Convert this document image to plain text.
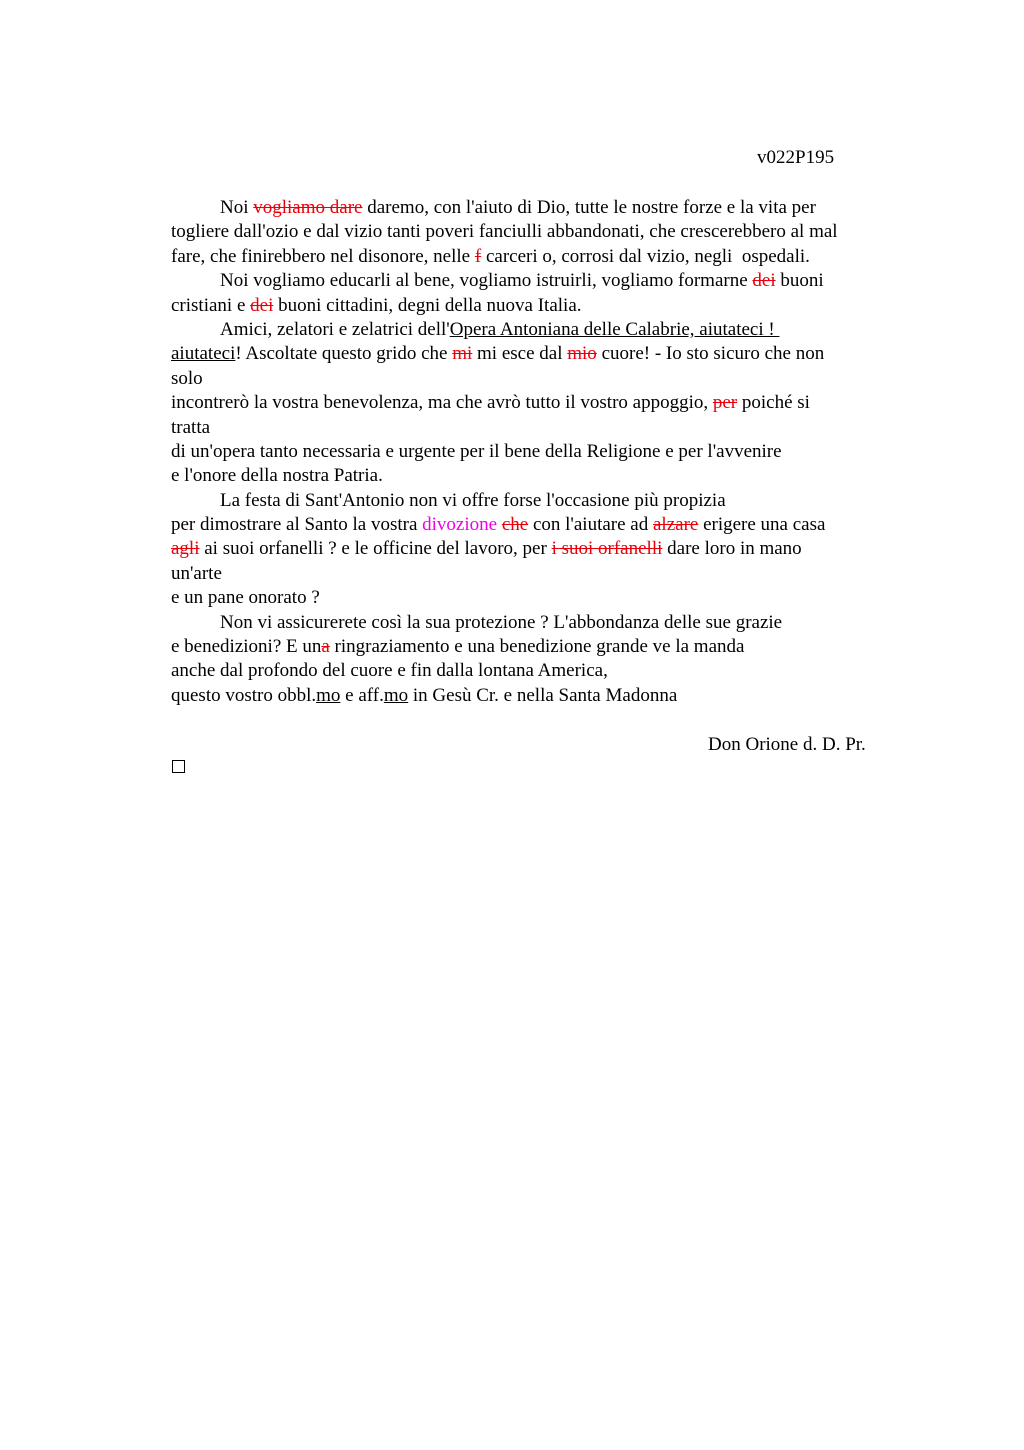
v022P195
Noi vogliamo dare daremo, con l'aiuto di Dio, tutte le nostre forze e la vita per
togliere dall'ozio e dal vizio tanti poveri fanciulli abbandonati, che crescerebbero al mal
fare, che finirebbero nel disonore, nelle f carceri o, corrosi dal vizio, negli  ospedali.
Noi vogliamo educarli al bene, vogliamo istruirli, vogliamo formarne dei buoni
cristiani e dei buoni cittadini, degni della nuova Italia.
Amici, zelatori e zelatrici dell'Opera Antoniana delle Calabrie, aiutateci !
aiutateci! Ascoltate questo grido che mi mi esce dal mio cuore! - Io sto sicuro che non
solo
incontrerò la vostra benevolenza, ma che avrò tutto il vostro appoggio, per poiché si
tratta
di un'opera tanto necessaria e urgente per il bene della Religione e per l'avvenire
e l'onore della nostra Patria.
La festa di Sant'Antonio non vi offre forse l'occasione più propizia
per dimostrare al Santo la vostra divozione che con l'aiutare ad alzare erigere una casa
agli ai suoi orfanelli ? e le officine del lavoro, per i suoi orfanelli dare loro in mano
un'arte
e un pane onorato ?
Non vi assicurerete così la sua protezione ? L'abbondanza delle sue grazie
e benedizioni? E una ringraziamento e una benedizione grande ve la manda
anche dal profondo del cuore e fin dalla lontana America,
questo vostro obbl.mo e aff.mo in Gesù Cr. e nella Santa Madonna
Don Orione d. D. Pr.
